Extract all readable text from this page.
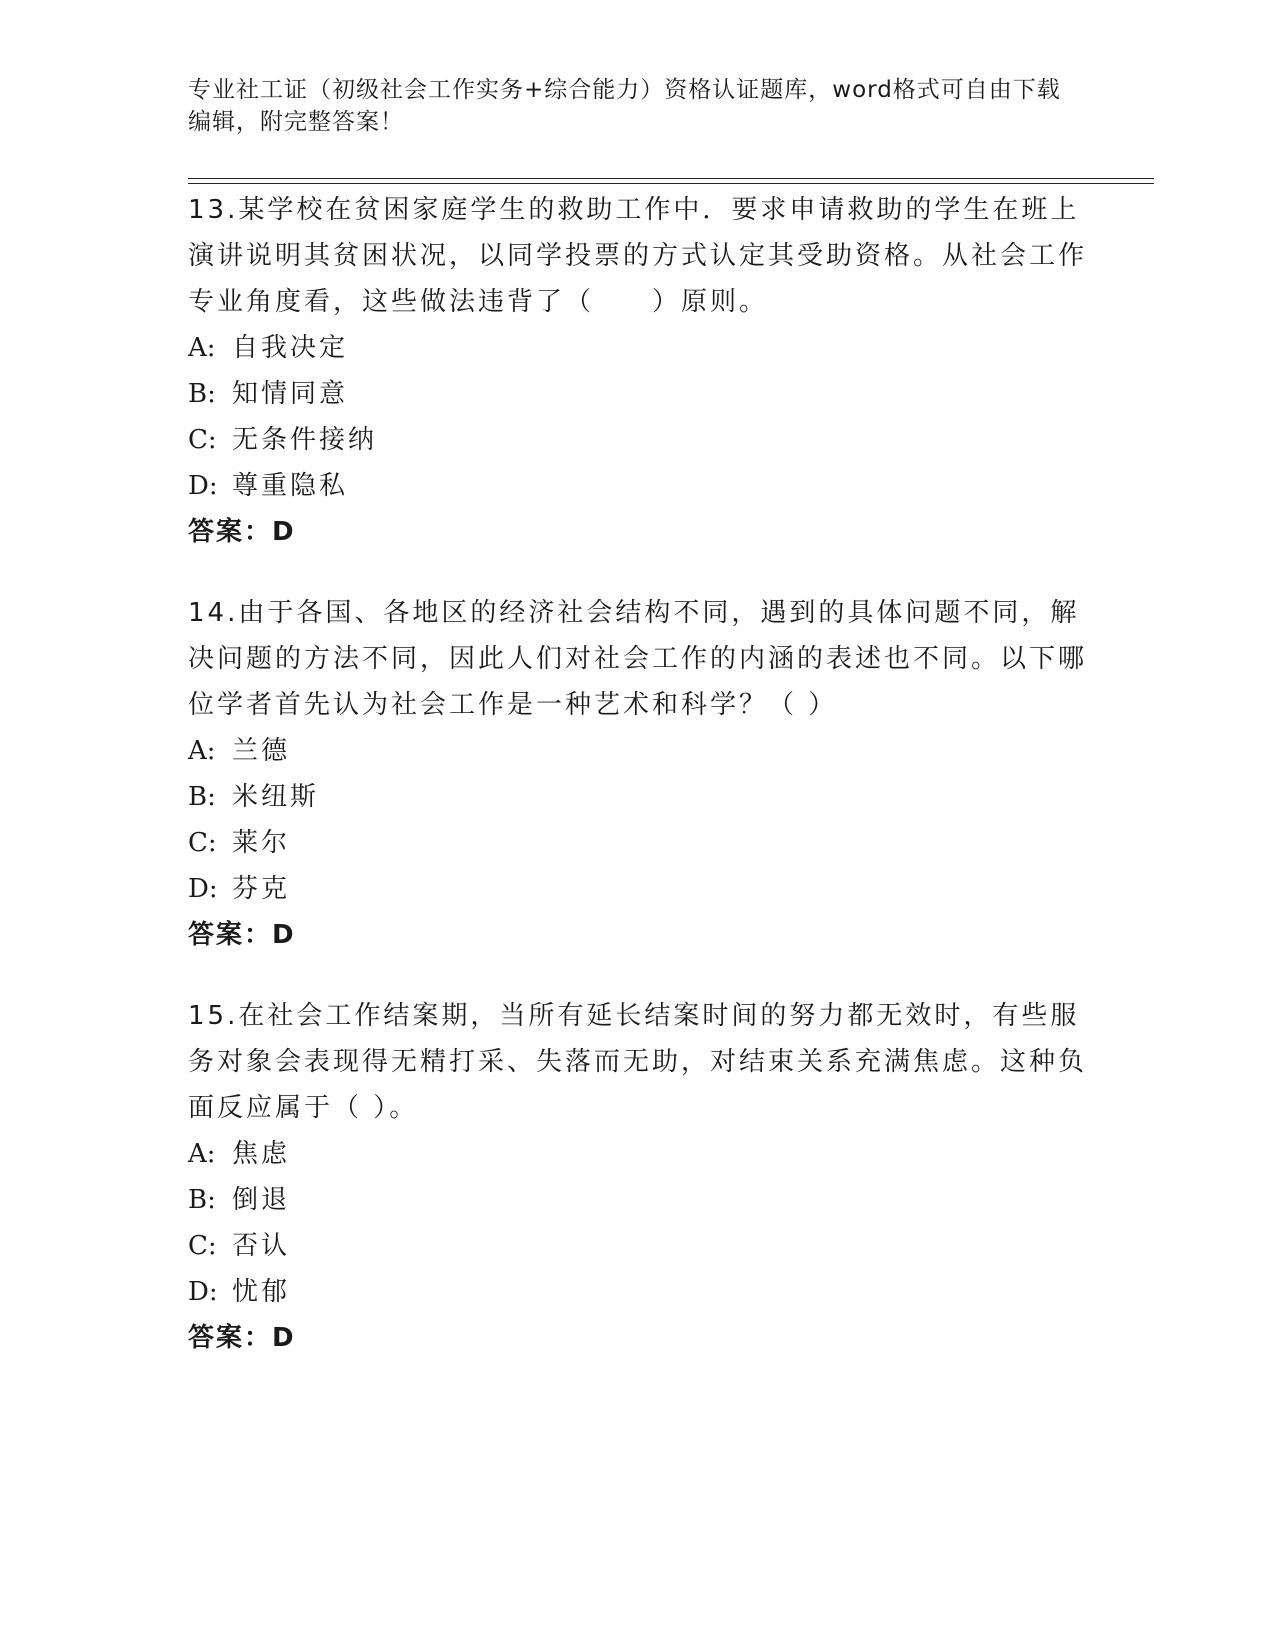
专业社工证（初级社会工作实务+综合能力）资格认证题库，word格式可自由下载
编辑，附完整答案！
13.某学校在贫困家庭学生的救助工作中．要求申请救助的学生在班上演讲说明其贫困状况，以同学投票的方式认定其受助资格。从社会工作专业角度看，这些做法违背了（　　）原则。
A: 自我决定
B: 知情同意
C: 无条件接纳
D: 尊重隐私
答案：D
14.由于各国、各地区的经济社会结构不同，遇到的具体问题不同，解决问题的方法不同，因此人们对社会工作的内涵的表述也不同。以下哪位学者首先认为社会工作是一种艺术和科学？（ ）
A: 兰德
B: 米纽斯
C: 莱尔
D: 芬克
答案：D
15.在社会工作结案期，当所有延长结案时间的努力都无效时，有些服务对象会表现得无精打采、失落而无助，对结束关系充满焦虑。这种负面反应属于（ ）。
A: 焦虑
B: 倒退
C: 否认
D: 忧郁
答案：D
